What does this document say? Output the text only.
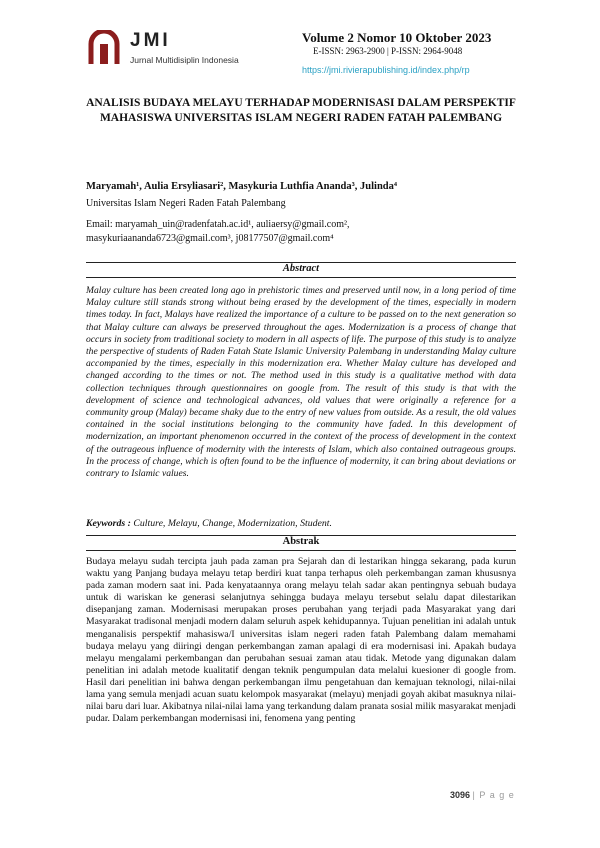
JMI
Jurnal Multidisiplin Indonesia
Volume 2 Nomor 10 Oktober 2023
E-ISSN: 2963-2900 | P-ISSN: 2964-9048
https://jmi.rivierapublishing.id/index.php/rp
ANALISIS BUDAYA MELAYU TERHADAP MODERNISASI DALAM PERSPEKTIF MAHASISWA UNIVERSITAS ISLAM NEGERI RADEN FATAH PALEMBANG
Maryamah¹, Aulia Ersyliasari², Masykuria Luthfia Ananda³, Julinda⁴
Universitas Islam Negeri Raden Fatah Palembang
Email: maryamah_uin@radenfatah.ac.id¹, auliaersy@gmail.com²,
masykuriaananda6723@gmail.com³, j08177507@gmail.com⁴
Abstract
Malay culture has been created long ago in prehistoric times and preserved until now, in a long period of time Malay culture still stands strong without being erased by the development of the times, especially in modern times today. In fact, Malays have realized the importance of a culture to be passed on to the next generation so that Malay culture can always be preserved throughout the ages. Modernization is a process of change that occurs in society from traditional society to modern in all aspects of life. The purpose of this study is to analyze the perspective of students of Raden Fatah State Islamic University Palembang in understanding Malay culture accompanied by the times, especially in this modernization era. Whether Malay culture has developed and changed according to the times or not. The method used in this study is a qualitative method with data collection techniques through questionnaires on google from. The result of this study is that with the development of science and technological advances, old values that were originally a reference for a community group (Malay) became shaky due to the entry of new values from outside. As a result, the old values contained in the social institutions belonging to the community have faded. In this development of modernization, an important phenomenon occurred in the context of the process of development in the context of the outrageous influence of modernity with the interests of Islam, which also contained outrageous groups. In the process of change, which is often found to be the influence of modernity, it can bring about deviations or contrary to Islamic values.
Keywords : Culture, Melayu, Change, Modernization, Student.
Abstrak
Budaya melayu sudah tercipta jauh pada zaman pra Sejarah dan di lestarikan hingga sekarang, pada kurun waktu yang Panjang budaya melayu tetap berdiri kuat tanpa terhapus oleh perkembangan zaman khususnya pada zaman modern saat ini. Pada kenyataannya orang melayu telah sadar akan pentingnya sebuah budaya untuk di wariskan ke generasi selanjutnya sehingga budaya melayu tersebut selalu dapat dilestarikan disepanjang zaman. Modernisasi merupakan proses perubahan yang terjadi pada Masyarakat yang dari Masyarakat tradisonal menjadi modern dalam seluruh aspek kehidupannya. Tujuan penelitian ini adalah untuk menganalisis perspektif mahasiswa/I universitas islam negeri raden fatah Palembang dalam memahami budaya melayu yang diiringi dengan perkembangan zaman apalagi di era modernisasi ini. Apakah budaya melayu mengalami perkembangan dan perubahan sesuai zaman atau tidak. Metode yang digunakan dalam penelitian ini adalah metode kualitatif dengan teknik pengumpulan data melalui kuesioner di google from. Hasil dari penelitian ini bahwa dengan perkembangan ilmu pengetahuan dan kemajuan teknologi, nilai-nilai lama yang semula menjadi acuan suatu kelompok masyarakat (melayu) menjadi goyah akibat masuknya nilai-nilai baru dari luar. Akibatnya nilai-nilai lama yang terkandung dalam pranata sosial milik masyarakat menjadi pudar. Dalam perkembangan modernisasi ini, fenomena yang penting
3096 | P a g e
